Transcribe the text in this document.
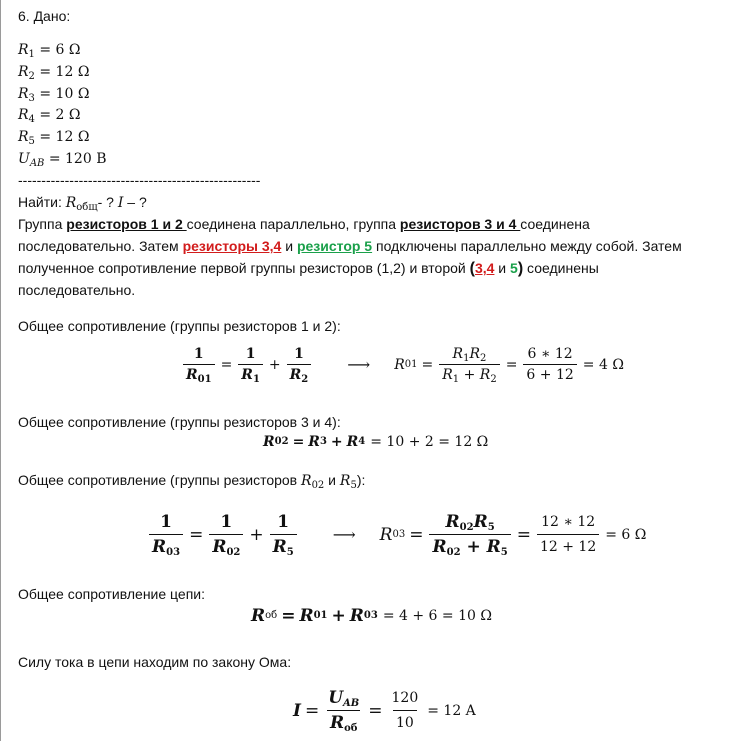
6. Дано:
$R_1 = 6$ Ω
$R_2 = 12$ Ω
$R_3 = 10$ Ω
$R_4 = 2$ Ω
$R_5 = 12$ Ω
$U_{AB} = 120$ В
----------------------------------------------------
Найти: $R_{общ}-$ ? I – ?
Группа резисторов 1 и 2 соединена параллельно, группа резисторов 3 и 4 соединена
последовательно. Затем резисторы 3,4 и резистор 5 подключены параллельно между собой. Затем
полученное сопротивление первой группы резисторов (1,2) и второй (3,4 и 5) соединены
последовательно.
Общее сопротивление (группы резисторов 1 и 2):
$\frac{1}{R_{01}} = \frac{1}{R_1} + \frac{1}{R_2}$ ⟶ R $01 = \frac{R_1R_2}{R_1 + R_2} = \frac{6 ∗ 12}{6 + 12} = 4$ Ω
Общее сопротивление (группы резисторов 3 и 4):
R 02 = R 3 + R 4 = 10 + 2 = 12 Ω
Общее сопротивление (группы резисторов $R_{02}$ и $R_5$):
$\frac{1}{R_{03}} = \frac{1}{R_{02}} + \frac{1}{R_5}$ ⟶ R $03 = \frac{R_{02}R_5}{R_{02} + R_5} = \frac{12 ∗ 12}{12 + 12} = 6$ Ω
Общее сопротивление цепи:
R об = R 01 + R 03 = 4 + 6 = 10 Ω
Силу тока в цепи находим по закону Ома:
$I = \frac{U_{AB}}{R_{об}} = \frac{120}{10} = 12$ A
